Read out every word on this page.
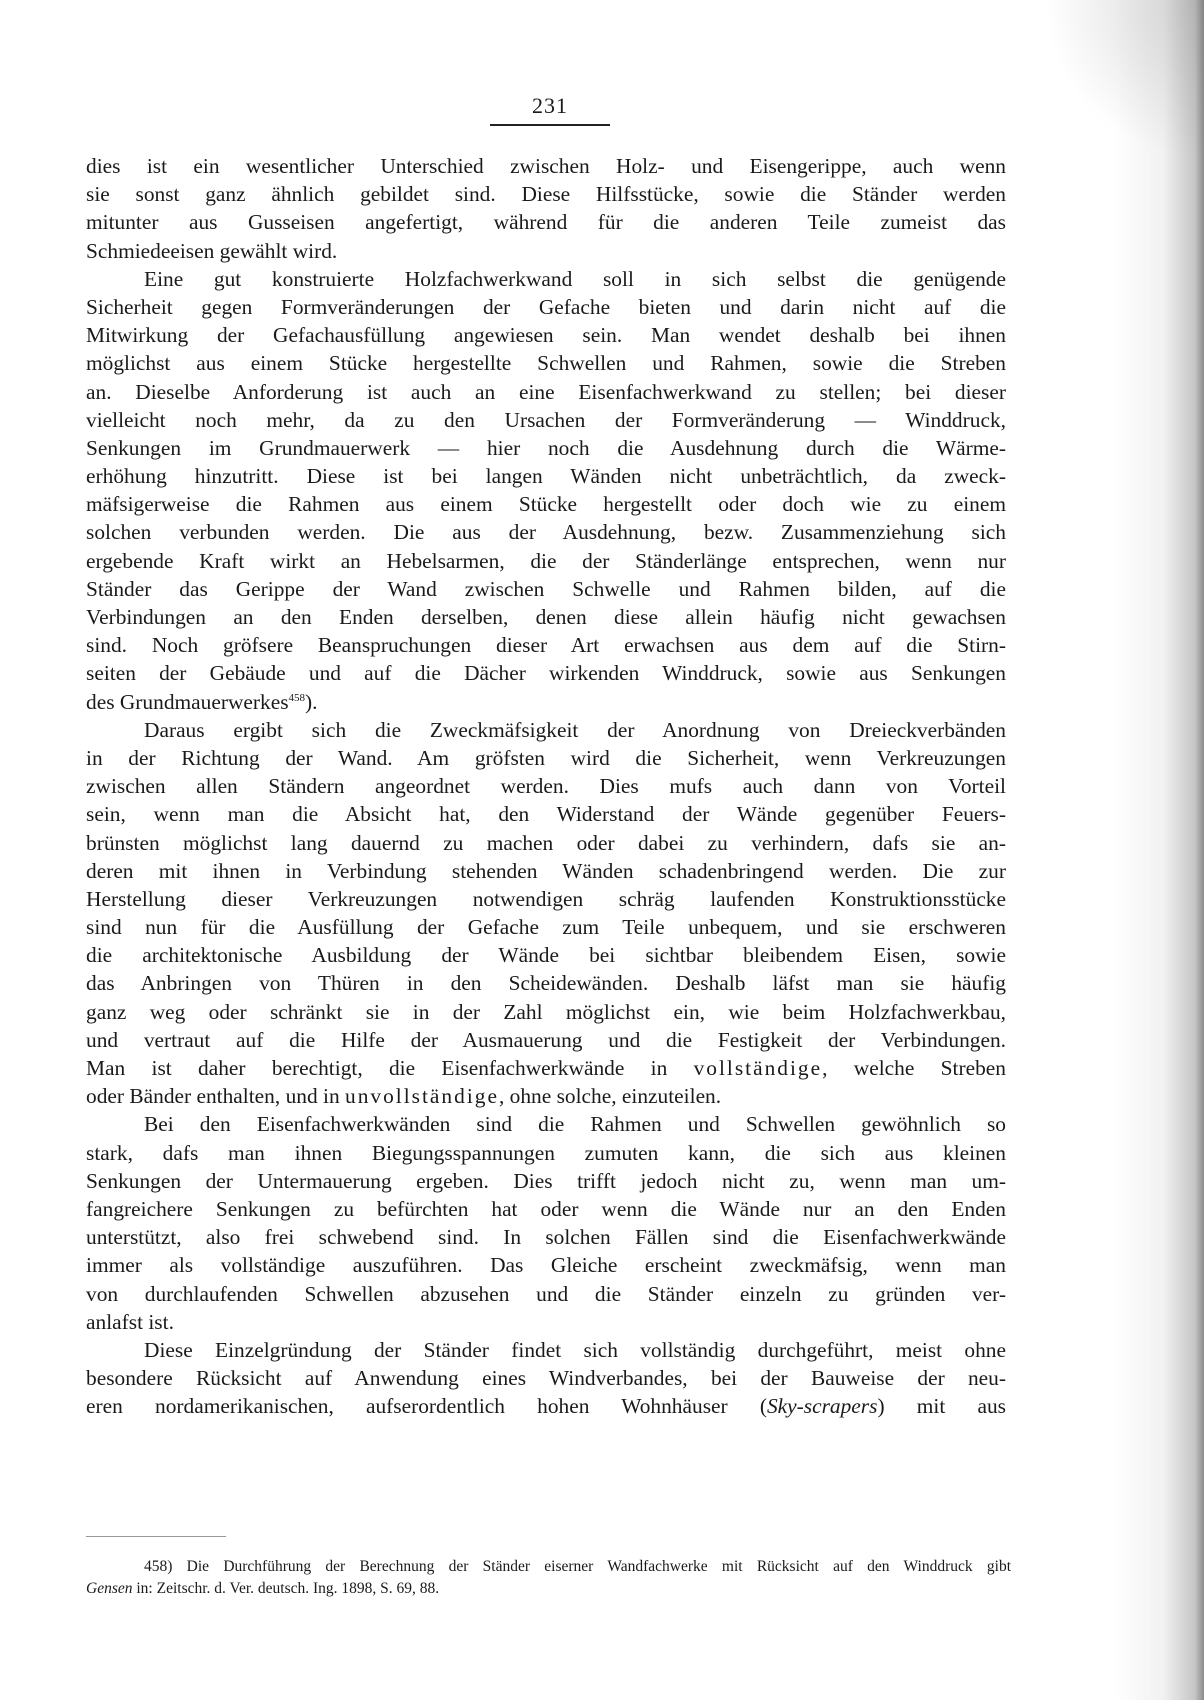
231
dies ist ein wesentlicher Unterschied zwischen Holz- und Eisengerippe, auch wenn
sie sonst ganz ähnlich gebildet sind. Diese Hilfsstücke, sowie die Ständer werden
mitunter aus Gusseisen angefertigt, während für die anderen Teile zumeist das
Schmiedeeisen gewählt wird.
Eine gut konstruierte Holzfachwerkwand soll in sich selbst die genügende
Sicherheit gegen Formveränderungen der Gefache bieten und darin nicht auf die
Mitwirkung der Gefachausfüllung angewiesen sein. Man wendet deshalb bei ihnen
möglichst aus einem Stücke hergestellte Schwellen und Rahmen, sowie die Streben
an. Dieselbe Anforderung ist auch an eine Eisenfachwerkwand zu stellen; bei dieser
vielleicht noch mehr, da zu den Ursachen der Formveränderung — Winddruck,
Senkungen im Grundmauerwerk — hier noch die Ausdehnung durch die Wärme-
erhöhung hinzutritt. Diese ist bei langen Wänden nicht unbeträchtlich, da zweck-
mäfsigerweise die Rahmen aus einem Stücke hergestellt oder doch wie zu einem
solchen verbunden werden. Die aus der Ausdehnung, bezw. Zusammenziehung sich
ergebende Kraft wirkt an Hebelsarmen, die der Ständerlänge entsprechen, wenn nur
Ständer das Gerippe der Wand zwischen Schwelle und Rahmen bilden, auf die
Verbindungen an den Enden derselben, denen diese allein häufig nicht gewachsen
sind. Noch gröfsere Beanspruchungen dieser Art erwachsen aus dem auf die Stirn-
seiten der Gebäude und auf die Dächer wirkenden Winddruck, sowie aus Senkungen
des Grundmauerwerkes$^{458}$).
Daraus ergibt sich die Zweckmäfsigkeit der Anordnung von Dreieckverbänden
in der Richtung der Wand. Am gröfsten wird die Sicherheit, wenn Verkreuzungen
zwischen allen Ständern angeordnet werden. Dies mufs auch dann von Vorteil
sein, wenn man die Absicht hat, den Widerstand der Wände gegenüber Feuers-
brünsten möglichst lang dauernd zu machen oder dabei zu verhindern, dafs sie an-
deren mit ihnen in Verbindung stehenden Wänden schadenbringend werden. Die zur
Herstellung dieser Verkreuzungen notwendigen schräg laufenden Konstruktionsstücke
sind nun für die Ausfüllung der Gefache zum Teile unbequem, und sie erschweren
die architektonische Ausbildung der Wände bei sichtbar bleibendem Eisen, sowie
das Anbringen von Thüren in den Scheidewänden. Deshalb läfst man sie häufig
ganz weg oder schränkt sie in der Zahl möglichst ein, wie beim Holzfachwerkbau,
und vertraut auf die Hilfe der Ausmauerung und die Festigkeit der Verbindungen.
Man ist daher berechtigt, die Eisenfachwerkwände in vollständige, welche Streben
oder Bänder enthalten, und in unvollständige, ohne solche, einzuteilen.
Bei den Eisenfachwerkwänden sind die Rahmen und Schwellen gewöhnlich so
stark, dafs man ihnen Biegungsspannungen zumuten kann, die sich aus kleinen
Senkungen der Untermauerung ergeben. Dies trifft jedoch nicht zu, wenn man um-
fangreichere Senkungen zu befürchten hat oder wenn die Wände nur an den Enden
unterstützt, also frei schwebend sind. In solchen Fällen sind die Eisenfachwerkwände
immer als vollständige auszuführen. Das Gleiche erscheint zweckmäfsig, wenn man
von durchlaufenden Schwellen abzusehen und die Ständer einzeln zu gründen ver-
anlafst ist.
Diese Einzelgründung der Ständer findet sich vollständig durchgeführt, meist ohne
besondere Rücksicht auf Anwendung eines Windverbandes, bei der Bauweise der neu-
eren nordamerikanischen, aufserordentlich hohen Wohnhäuser (Sky-scrapers) mit aus
458) Die Durchführung der Berechnung der Ständer eiserner Wandfachwerke mit Rücksicht auf den Winddruck gibt
Gensen in: Zeitschr. d. Ver. deutsch. Ing. 1898, S. 69, 88.
